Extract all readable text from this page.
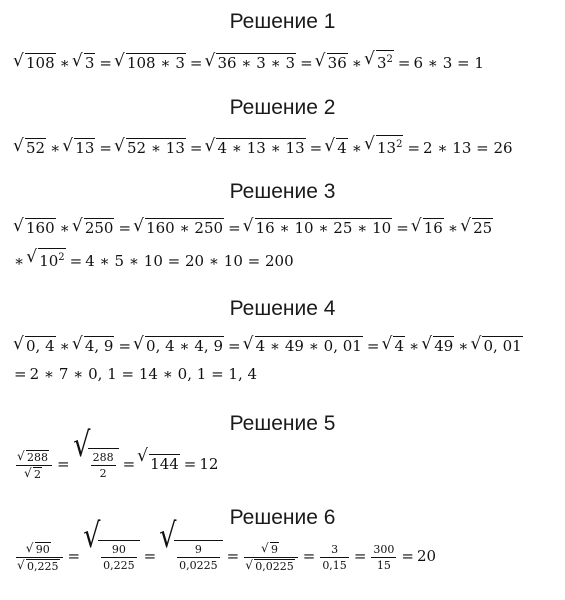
Решение 1
√ 108 ∗ √ 3 = √ 108 ∗ 3 = √ 36 ∗ 3 ∗ 3 = √ 36 ∗ √ $3^2 = 6$ ∗ 3 = 1
Решение 2
√ 52 ∗ √ 13 = √ 52 ∗ 13 = √ 4 ∗ 13 ∗ 13 = √ 4 ∗ √ $13^2 = 2$ ∗ 13 = 26
Решение 3
√ 160 ∗ √ 250 = √ 160 ∗ 250 = √ 16 ∗ 10 ∗ 25 ∗ 10 = √ 16 ∗ √ 25
∗ √ $10^2 = 4$ ∗ 5 ∗ 10 = 20 ∗ 10 = 200
Решение 4
√ 0, 4 ∗ √ 4, 9 = √ 0, 4 ∗ 4, 9 = √ 4 ∗ 49 ∗ 0, 01 = √ 4 ∗ √ 49 ∗ √ 0, 01
= 2 ∗ 7 ∗ 0, 1 = 14 ∗ 0, 1 = 1, 4
Решение 5
√ 288
√ 2 = √ $\frac{288}{2}$ = √ 144 = 12
Решение 6
√ 90
√ 0,225 = √ $\frac{90}{0,225}$ = √ $\frac{9}{0,0225}$ = √ 9
√ $0,0225 = \frac{3}{0,15} = \frac{300}{15} = 20$
